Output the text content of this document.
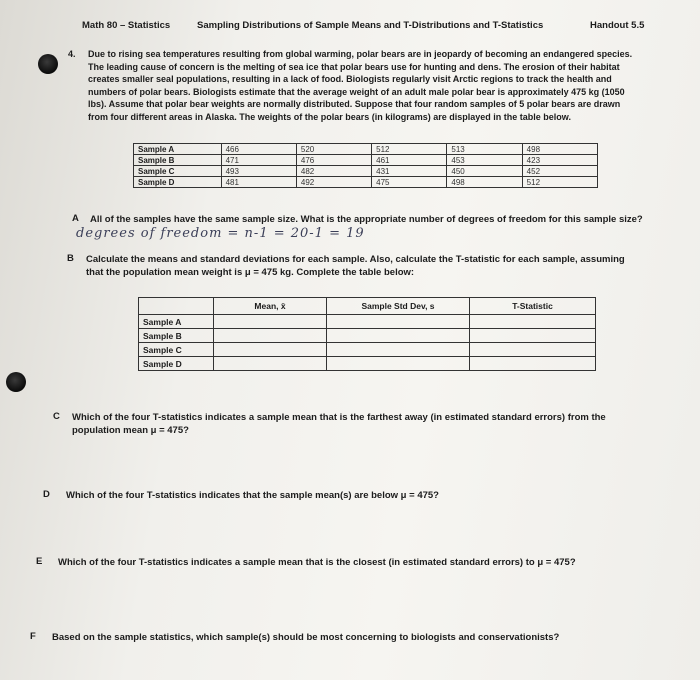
Math 80 – Statistics	Sampling Distributions of Sample Means and T-Distributions and T-Statistics	Handout 5.5
4. Due to rising sea temperatures resulting from global warming, polar bears are in jeopardy of becoming an endangered species.
The leading cause of concern is the melting of sea ice that polar bears use for hunting and dens. The erosion of their habitat
creates smaller seal populations, resulting in a lack of food. Biologists regularly visit Arctic regions to track the health and
numbers of polar bears. Biologists estimate that the average weight of an adult male polar bear is approximately 475 kg (1050
lbs). Assume that polar bear weights are normally distributed. Suppose that four random samples of 5 polar bears are drawn
from four different areas in Alaska. The weights of the polar bears (in kilograms) are displayed in the table below.
Sample A	466	520	512	513	498
Sample B	471	476	461	453	423
Sample C	493	482	431	450	452
Sample D	481	492	475	498	512
A All of the samples have the same sample size. What is the appropriate number of degrees of freedom for this sample size?
degrees of freedom = n-1 = 20-1 = 19
B Calculate the means and standard deviations for each sample. Also, calculate the T-statistic for each sample, assuming
that the population mean weight is μ = 475 kg. Complete the table below:
	Mean, x̄	Sample Std Dev, s	T-Statistic
Sample A			
Sample B			
Sample C			
Sample D			
C Which of the four T-statistics indicates a sample mean that is the farthest away (in estimated standard errors) from the
population mean μ = 475?
D Which of the four T-statistics indicates that the sample mean(s) are below μ = 475?
E Which of the four T-statistics indicates a sample mean that is the closest (in estimated standard errors) to μ = 475?
F Based on the sample statistics, which sample(s) should be most concerning to biologists and conservationists?
